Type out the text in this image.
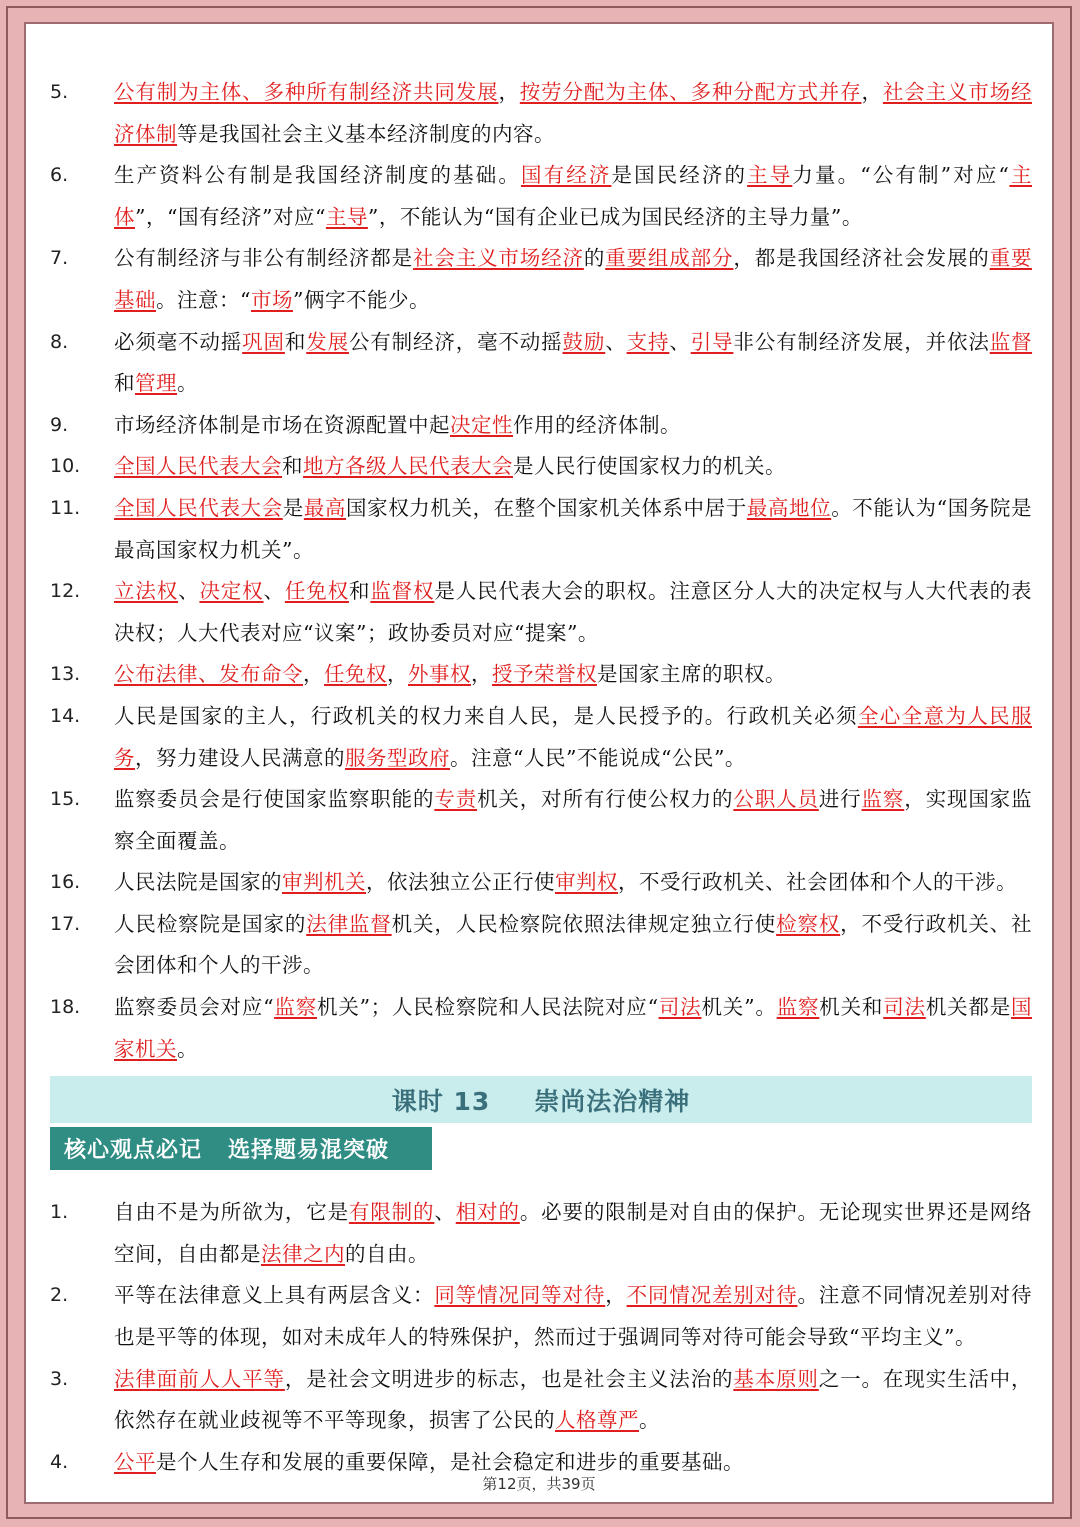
5.	公有制为主体、多种所有制经济共同发展，按劳分配为主体、多种分配方式并存，社会主义市场经济体制等是我国社会主义基本经济制度的内容。
6.	生产资料公有制是我国经济制度的基础。国有经济是国民经济的主导力量。“公有制”对应“主体”，“国有经济”对应“主导”，不能认为“国有企业已成为国民经济的主导力量”。
7.	公有制经济与非公有制经济都是社会主义市场经济的重要组成部分，都是我国经济社会发展的重要基础。注意：“市场”俩字不能少。
8.	必须毫不动摇巩固和发展公有制经济，毫不动摇鼓励、支持、引导非公有制经济发展，并依法监督和管理。
9.	市场经济体制是市场在资源配置中起决定性作用的经济体制。
10.	全国人民代表大会和地方各级人民代表大会是人民行使国家权力的机关。
11.	全国人民代表大会是最高国家权力机关，在整个国家机关体系中居于最高地位。不能认为“国务院是最高国家权力机关”。
12.	立法权、决定权、任免权和监督权是人民代表大会的职权。注意区分人大的决定权与人大代表的表决权；人大代表对应“议案”；政协委员对应“提案”。
13.	公布法律、发布命令，任免权，外事权，授予荣誉权是国家主席的职权。
14.	人民是国家的主人，行政机关的权力来自人民，是人民授予的。行政机关必须全心全意为人民服务，努力建设人民满意的服务型政府。注意“人民”不能说成“公民”。
15.	监察委员会是行使国家监察职能的专责机关，对所有行使公权力的公职人员进行监察，实现国家监察全面覆盖。
16.	人民法院是国家的审判机关，依法独立公正行使审判权，不受行政机关、社会团体和个人的干涉。
17.	人民检察院是国家的法律监督机关，人民检察院依照法律规定独立行使检察权，不受行政机关、社会团体和个人的干涉。
18.	监察委员会对应“监察机关”；人民检察院和人民法院对应“司法机关”。监察机关和司法机关都是国家机关。
课时 13 崇尚法治精神
核心观点必记 选择题易混突破
1.	自由不是为所欲为，它是有限制的、相对的。必要的限制是对自由的保护。无论现实世界还是网络空间，自由都是法律之内的自由。
2.	平等在法律意义上具有两层含义：同等情况同等对待，不同情况差别对待。注意不同情况差别对待也是平等的体现，如对未成年人的特殊保护，然而过于强调同等对待可能会导致“平均主义”。
3.	法律面前人人平等，是社会文明进步的标志，也是社会主义法治的基本原则之一。在现实生活中，依然存在就业歧视等不平等现象，损害了公民的人格尊严。
4.	公平是个人生存和发展的重要保障，是社会稳定和进步的重要基础。
第12页，共39页
